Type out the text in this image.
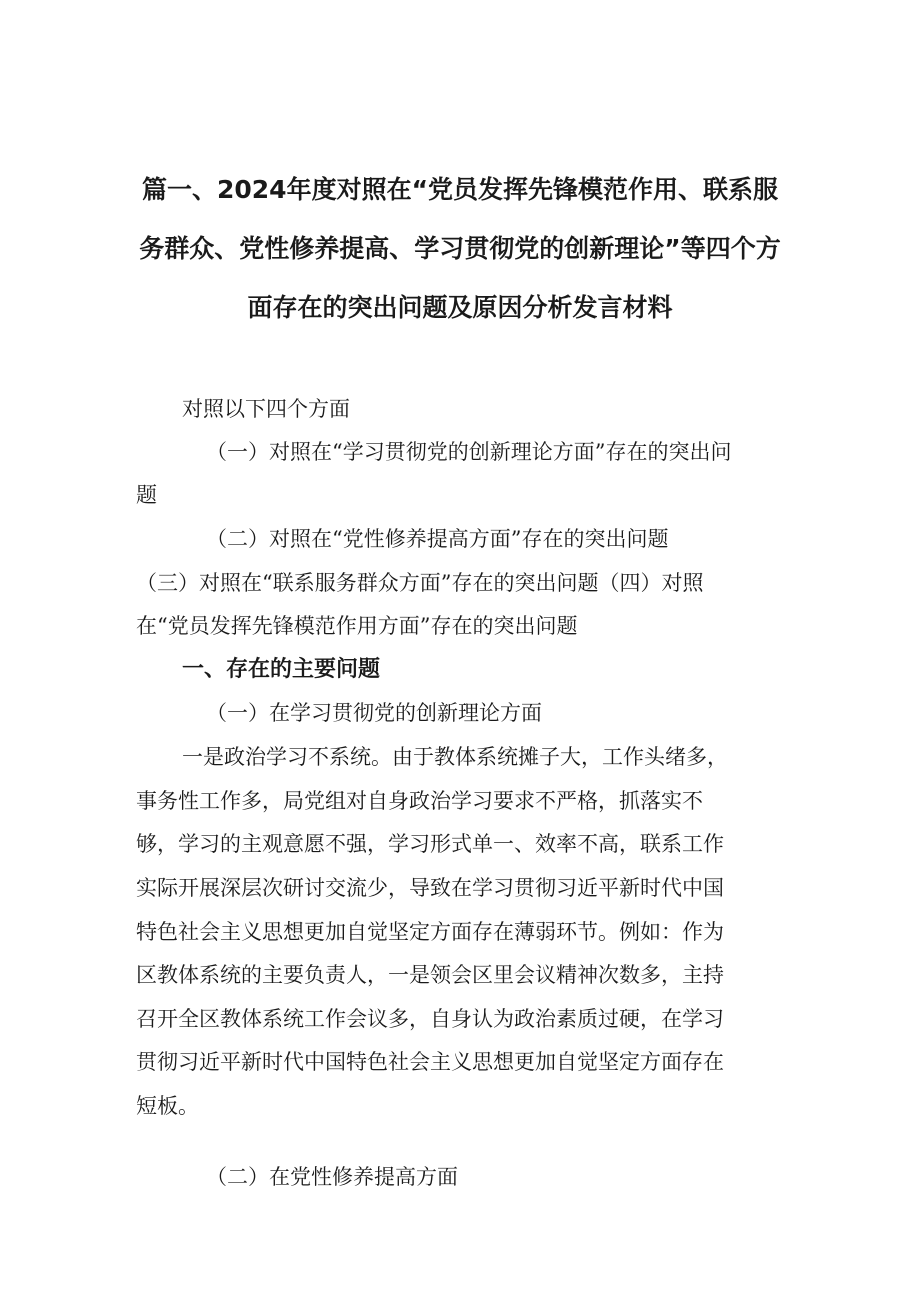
篇一、2024年度对照在“党员发挥先锋模范作用、联系服
务群众、党性修养提高、学习贯彻党的创新理论”等四个方
面存在的突出问题及原因分析发言材料
对照以下四个方面
（一）对照在“学习贯彻党的创新理论方面”存在的突出问
题
（二）对照在“党性修养提高方面”存在的突出问题
（三）对照在“联系服务群众方面”存在的突出问题（四）对照
在“党员发挥先锋模范作用方面”存在的突出问题
一、存在的主要问题
（一）在学习贯彻党的创新理论方面
一是政治学习不系统。由于教体系统摊子大，工作头绪多，
事务性工作多，局党组对自身政治学习要求不严格，抓落实不
够，学习的主观意愿不强，学习形式单一、效率不高，联系工作
实际开展深层次研讨交流少，导致在学习贯彻习近平新时代中国
特色社会主义思想更加自觉坚定方面存在薄弱环节。例如：作为
区教体系统的主要负责人，一是领会区里会议精神次数多，主持
召开全区教体系统工作会议多，自身认为政治素质过硬，在学习
贯彻习近平新时代中国特色社会主义思想更加自觉坚定方面存在
短板。
（二）在党性修养提高方面
